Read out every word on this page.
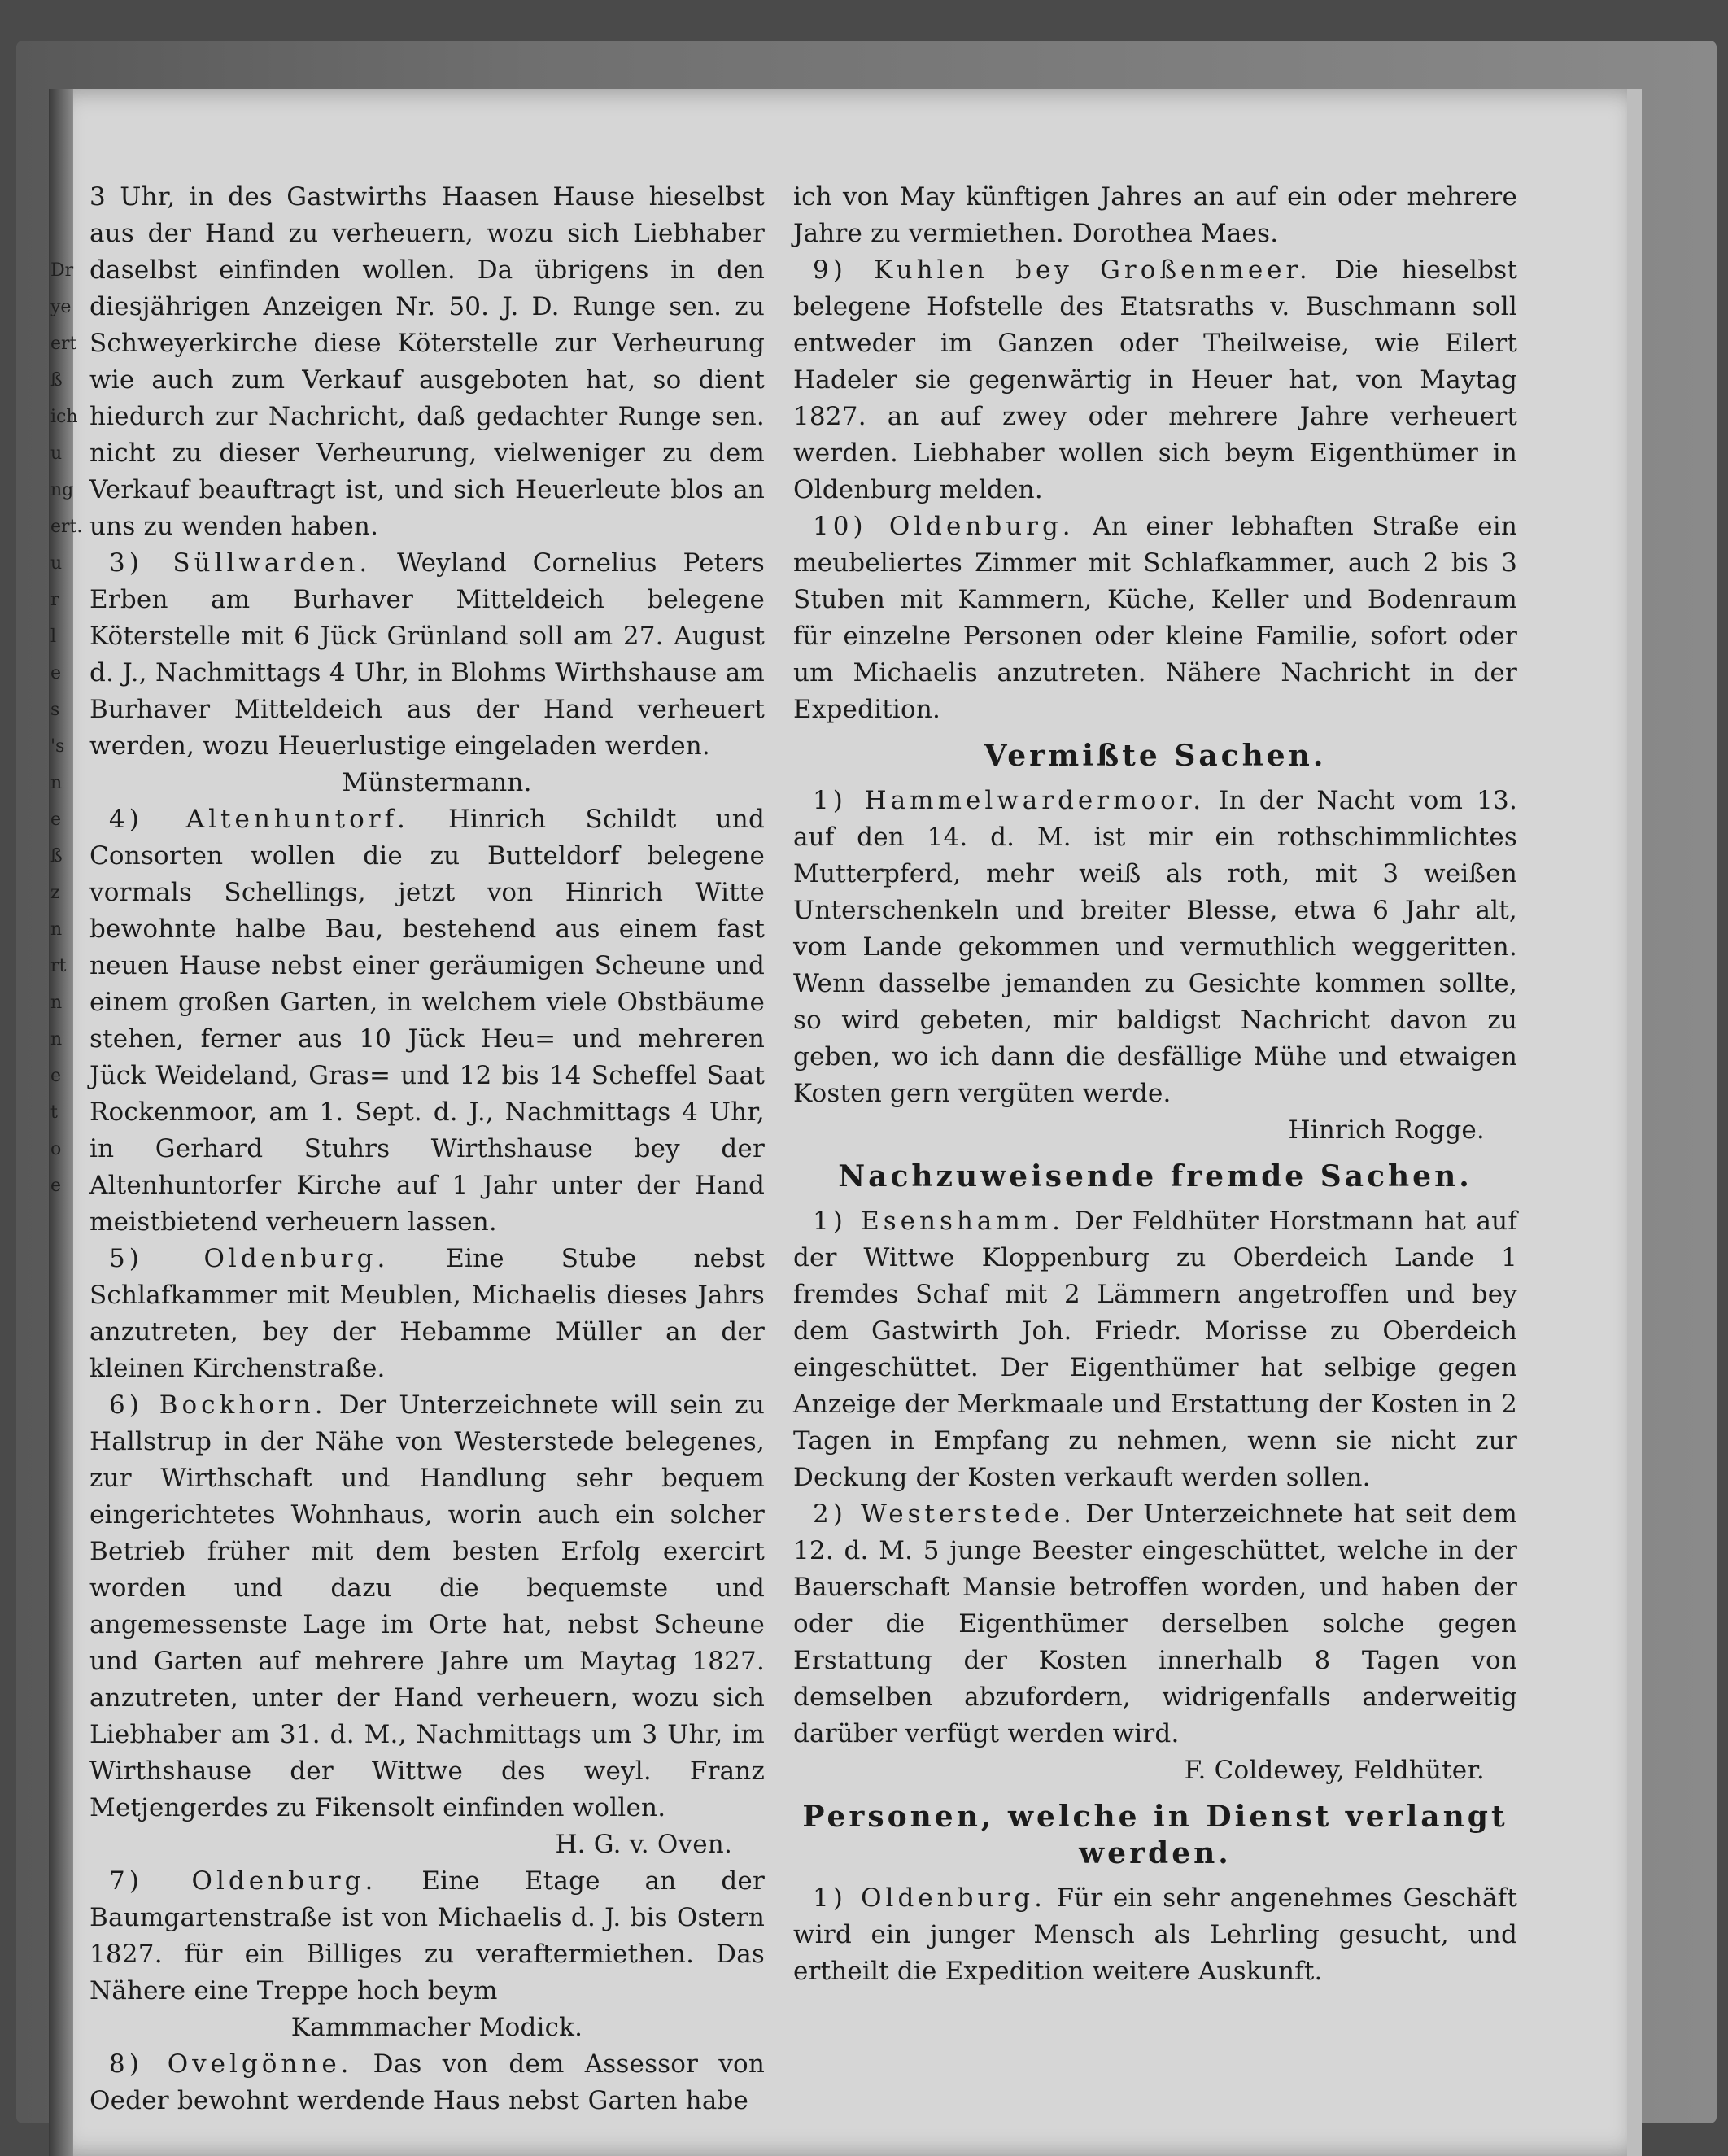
Dr
ye
ert
ß
ich
u
ng
ert.
u
r
l
e
s
's
n
e
ß
z
n
rt
n
n
e
t
o
e

3 Uhr, in des Gastwirths Haasen Hause hieselbst aus der Hand zu verheuern, wozu sich Liebhaber daselbst einfinden wollen. Da übrigens in den diesjährigen Anzeigen Nr. 50. J. D. Runge sen. zu Schweyerkirche diese Köterstelle zur Verheurung wie auch zum Verkauf ausgeboten hat, so dient hiedurch zur Nachricht, daß gedachter Runge sen. nicht zu dieser Verheurung, vielweniger zu dem Verkauf beauftragt ist, und sich Heuerleute blos an uns zu wenden haben.

3) Süllwarden. Weyland Cornelius Peters Erben am Burhaver Mitteldeich belegene Köterstelle mit 6 Jück Grünland soll am 27. August d. J., Nachmittags 4 Uhr, in Blohms Wirthshause am Burhaver Mitteldeich aus der Hand verheuert werden, wozu Heuerlustige eingeladen werden.

Münstermann.

4) Altenhuntorf. Hinrich Schildt und Consorten wollen die zu Butteldorf belegene vormals Schellings, jetzt von Hinrich Witte bewohnte halbe Bau, bestehend aus einem fast neuen Hause nebst einer geräumigen Scheune und einem großen Garten, in welchem viele Obstbäume stehen, ferner aus 10 Jück Heu= und mehreren Jück Weideland, Gras= und 12 bis 14 Scheffel Saat Rockenmoor, am 1. Sept. d. J., Nachmittags 4 Uhr, in Gerhard Stuhrs Wirthshause bey der Altenhuntorfer Kirche auf 1 Jahr unter der Hand meistbietend verheuern lassen.

5) Oldenburg. Eine Stube nebst Schlafkammer mit Meublen, Michaelis dieses Jahrs anzutreten, bey der Hebamme Müller an der kleinen Kirchenstraße.

6) Bockhorn. Der Unterzeichnete will sein zu Hallstrup in der Nähe von Westerstede belegenes, zur Wirthschaft und Handlung sehr bequem eingerichtetes Wohnhaus, worin auch ein solcher Betrieb früher mit dem besten Erfolg exercirt worden und dazu die bequemste und angemessenste Lage im Orte hat, nebst Scheune und Garten auf mehrere Jahre um Maytag 1827. anzutreten, unter der Hand verheuern, wozu sich Liebhaber am 31. d. M., Nachmittags um 3 Uhr, im Wirthshause der Wittwe des weyl. Franz Metjengerdes zu Fikensolt einfinden wollen.

H. G. v. Oven.

7) Oldenburg. Eine Etage an der Baumgartenstraße ist von Michaelis d. J. bis Ostern 1827. für ein Billiges zu veraftermiethen. Das Nähere eine Treppe hoch beym

Kammmacher Modick.

8) Ovelgönne. Das von dem Assessor von Oeder bewohnt werdende Haus nebst Garten habe

ich von May künftigen Jahres an auf ein oder mehrere Jahre zu vermiethen. Dorothea Maes.

9) Kuhlen bey Großenmeer. Die hieselbst belegene Hofstelle des Etatsraths v. Buschmann soll entweder im Ganzen oder Theilweise, wie Eilert Hadeler sie gegenwärtig in Heuer hat, von Maytag 1827. an auf zwey oder mehrere Jahre verheuert werden. Liebhaber wollen sich beym Eigenthümer in Oldenburg melden.

10) Oldenburg. An einer lebhaften Straße ein meubeliertes Zimmer mit Schlafkammer, auch 2 bis 3 Stuben mit Kammern, Küche, Keller und Bodenraum für einzelne Personen oder kleine Familie, sofort oder um Michaelis anzutreten. Nähere Nachricht in der Expedition.

Vermißte Sachen.

1) Hammelwardermoor. In der Nacht vom 13. auf den 14. d. M. ist mir ein rothschimmlichtes Mutterpferd, mehr weiß als roth, mit 3 weißen Unterschenkeln und breiter Blesse, etwa 6 Jahr alt, vom Lande gekommen und vermuthlich weggeritten. Wenn dasselbe jemanden zu Gesichte kommen sollte, so wird gebeten, mir baldigst Nachricht davon zu geben, wo ich dann die desfällige Mühe und etwaigen Kosten gern vergüten werde.

Hinrich Rogge.

Nachzuweisende fremde Sachen.

1) Esenshamm. Der Feldhüter Horstmann hat auf der Wittwe Kloppenburg zu Oberdeich Lande 1 fremdes Schaf mit 2 Lämmern angetroffen und bey dem Gastwirth Joh. Friedr. Morisse zu Oberdeich eingeschüttet. Der Eigenthümer hat selbige gegen Anzeige der Merkmaale und Erstattung der Kosten in 2 Tagen in Empfang zu nehmen, wenn sie nicht zur Deckung der Kosten verkauft werden sollen.

2) Westerstede. Der Unterzeichnete hat seit dem 12. d. M. 5 junge Beester eingeschüttet, welche in der Bauerschaft Mansie betroffen worden, und haben der oder die Eigenthümer derselben solche gegen Erstattung der Kosten innerhalb 8 Tagen von demselben abzufordern, widrigenfalls anderweitig darüber verfügt werden wird.

F. Coldewey, Feldhüter.

Personen, welche in Dienst verlangt werden.

1) Oldenburg. Für ein sehr angenehmes Geschäft wird ein junger Mensch als Lehrling gesucht, und ertheilt die Expedition weitere Auskunft.
